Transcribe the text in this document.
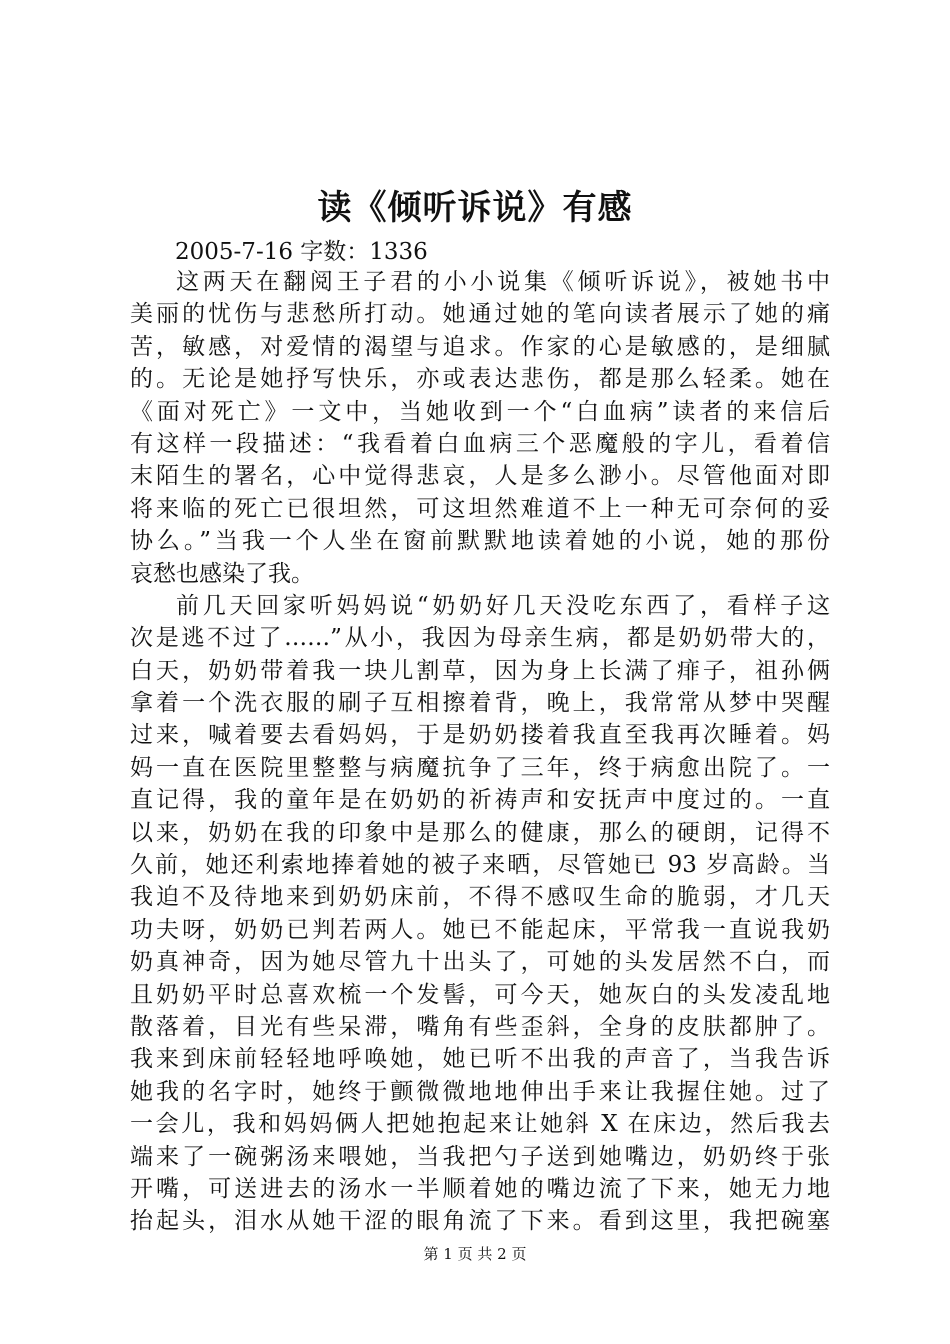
读《倾听诉说》有感
2005-7-16 字数：1336
这两天在翻阅王子君的小小说集《倾听诉说》，被她书中
美丽的忧伤与悲愁所打动。她通过她的笔向读者展示了她的痛
苦，敏感，对爱情的渴望与追求。作家的心是敏感的，是细腻
的。无论是她抒写快乐，亦或表达悲伤，都是那么轻柔。她在
《面对死亡》一文中，当她收到一个“白血病”读者的来信后
有这样一段描述：“我看着白血病三个恶魔般的字儿，看着信
末陌生的署名，心中觉得悲哀，人是多么渺小。尽管他面对即
将来临的死亡已很坦然，可这坦然难道不上一种无可奈何的妥
协么。”当我一个人坐在窗前默默地读着她的小说，她的那份
哀愁也感染了我。
前几天回家听妈妈说“奶奶好几天没吃东西了，看样子这
次是逃不过了……”从小，我因为母亲生病，都是奶奶带大的，
白天，奶奶带着我一块儿割草，因为身上长满了痱子，祖孙俩
拿着一个洗衣服的刷子互相擦着背，晚上，我常常从梦中哭醒
过来，喊着要去看妈妈，于是奶奶搂着我直至我再次睡着。妈
妈一直在医院里整整与病魔抗争了三年，终于病愈出院了。一
直记得，我的童年是在奶奶的祈祷声和安抚声中度过的。一直
以来，奶奶在我的印象中是那么的健康，那么的硬朗，记得不
久前，她还利索地捧着她的被子来晒，尽管她已 93 岁高龄。当
我迫不及待地来到奶奶床前，不得不感叹生命的脆弱，才几天
功夫呀，奶奶已判若两人。她已不能起床，平常我一直说我奶
奶真神奇，因为她尽管九十出头了，可她的头发居然不白，而
且奶奶平时总喜欢梳一个发髻，可今天，她灰白的头发凌乱地
散落着，目光有些呆滞，嘴角有些歪斜，全身的皮肤都肿了。
我来到床前轻轻地呼唤她，她已听不出我的声音了，当我告诉
她我的名字时，她终于颤微微地地伸出手来让我握住她。过了
一会儿，我和妈妈俩人把她抱起来让她斜 X 在床边，然后我去
端来了一碗粥汤来喂她，当我把勺子送到她嘴边，奶奶终于张
开嘴，可送进去的汤水一半顺着她的嘴边流了下来，她无力地
抬起头，泪水从她干涩的眼角流了下来。看到这里，我把碗塞
第 1 页 共 2 页
